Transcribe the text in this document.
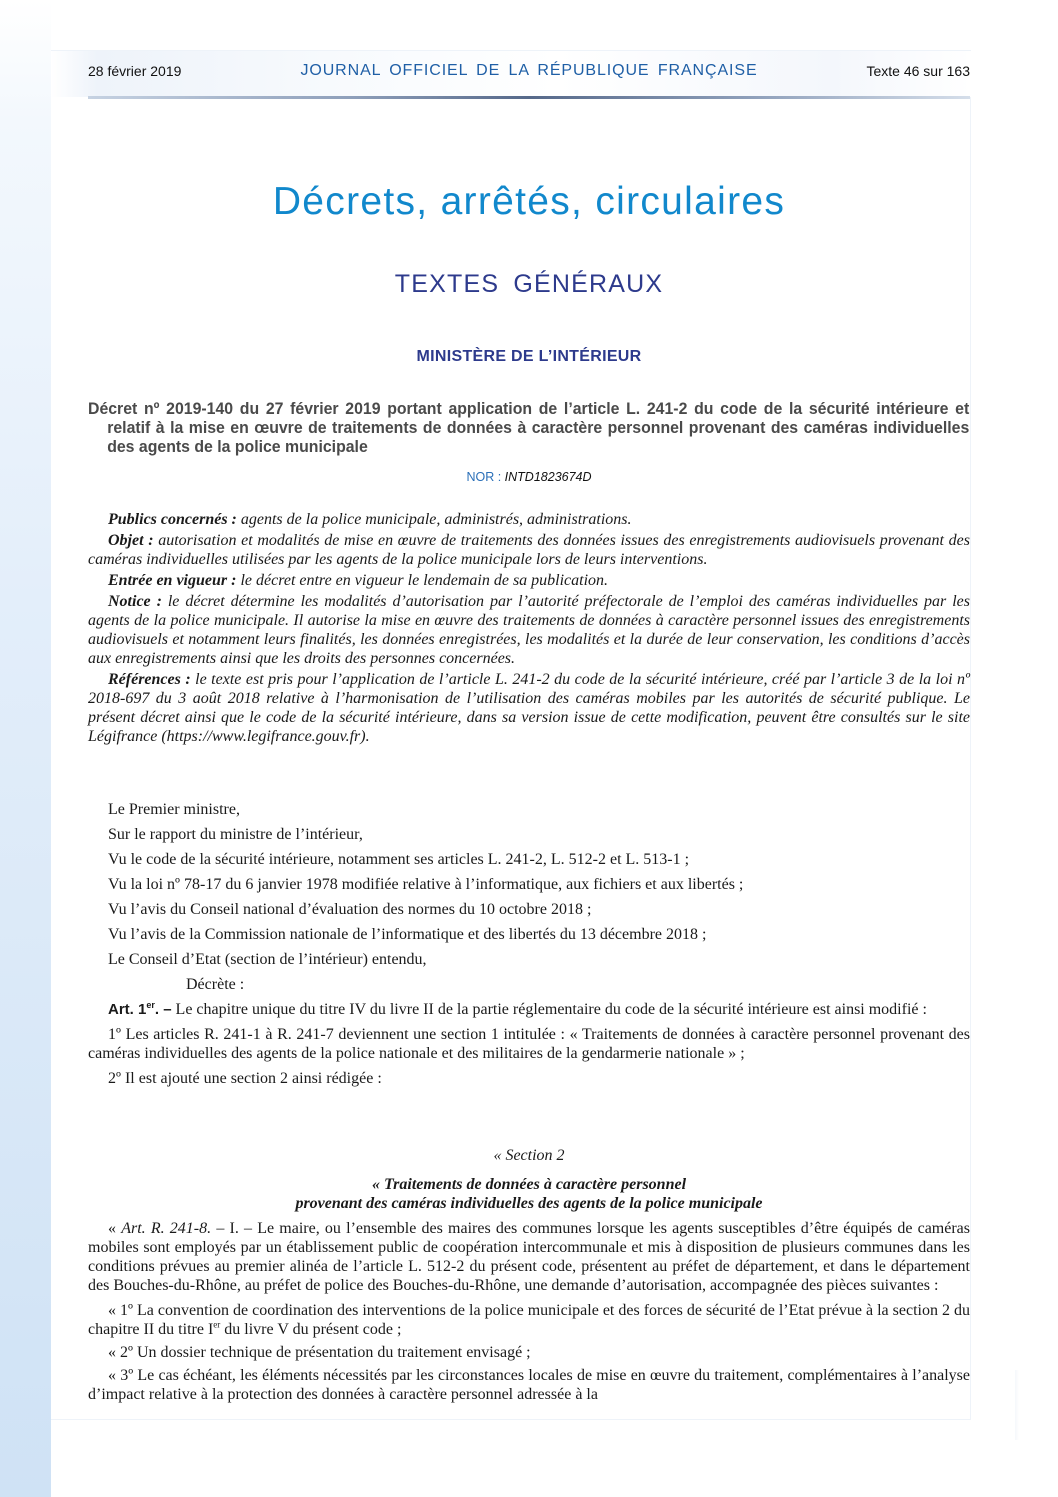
28 février 2019	JOURNAL OFFICIEL DE LA RÉPUBLIQUE FRANÇAISE	Texte 46 sur 163
Décrets, arrêtés, circulaires
TEXTES GÉNÉRAUX
MINISTÈRE DE L’INTÉRIEUR
Décret nº 2019-140 du 27 février 2019 portant application de l’article L. 241-2 du code de la sécurité intérieure et relatif à la mise en œuvre de traitements de données à caractère personnel provenant des caméras individuelles des agents de la police municipale
NOR : INTD1823674D

Publics concernés : agents de la police municipale, administrés, administrations.

Objet : autorisation et modalités de mise en œuvre de traitements des données issues des enregistrements audiovisuels provenant des caméras individuelles utilisées par les agents de la police municipale lors de leurs interventions.

Entrée en vigueur : le décret entre en vigueur le lendemain de sa publication.

Notice : le décret détermine les modalités d’autorisation par l’autorité préfectorale de l’emploi des caméras individuelles par les agents de la police municipale. Il autorise la mise en œuvre des traitements de données à caractère personnel issues des enregistrements audiovisuels et notamment leurs finalités, les données enregistrées, les modalités et la durée de leur conservation, les conditions d’accès aux enregistrements ainsi que les droits des personnes concernées.

Références : le texte est pris pour l’application de l’article L. 241-2 du code de la sécurité intérieure, créé par l’article 3 de la loi nº 2018-697 du 3 août 2018 relative à l’harmonisation de l’utilisation des caméras mobiles par les autorités de sécurité publique. Le présent décret ainsi que le code de la sécurité intérieure, dans sa version issue de cette modification, peuvent être consultés sur le site Légifrance (https://www.legifrance.gouv.fr).

Le Premier ministre,

Sur le rapport du ministre de l’intérieur,

Vu le code de la sécurité intérieure, notamment ses articles L. 241-2, L. 512-2 et L. 513-1 ;

Vu la loi nº 78-17 du 6 janvier 1978 modifiée relative à l’informatique, aux fichiers et aux libertés ;

Vu l’avis du Conseil national d’évaluation des normes du 10 octobre 2018 ;

Vu l’avis de la Commission nationale de l’informatique et des libertés du 13 décembre 2018 ;

Le Conseil d’Etat (section de l’intérieur) entendu,

Décrète :

Art. 1er. – Le chapitre unique du titre IV du livre II de la partie réglementaire du code de la sécurité intérieure est ainsi modifié :

1º Les articles R. 241-1 à R. 241-7 deviennent une section 1 intitulée : « Traitements de données à caractère personnel provenant des caméras individuelles des agents de la police nationale et des militaires de la gendarmerie nationale » ;

2º Il est ajouté une section 2 ainsi rédigée :

« Section 2

« Traitements de données à caractère personnel

provenant des caméras individuelles des agents de la police municipale

« Art. R. 241-8. – I. – Le maire, ou l’ensemble des maires des communes lorsque les agents susceptibles d’être équipés de caméras mobiles sont employés par un établissement public de coopération intercommunale et mis à disposition de plusieurs communes dans les conditions prévues au premier alinéa de l’article L. 512-2 du présent code, présentent au préfet de département, et dans le département des Bouches-du-Rhône, au préfet de police des Bouches-du-Rhône, une demande d’autorisation, accompagnée des pièces suivantes :

« 1º La convention de coordination des interventions de la police municipale et des forces de sécurité de l’Etat prévue à la section 2 du chapitre II du titre Ier du livre V du présent code ;

« 2º Un dossier technique de présentation du traitement envisagé ;

« 3º Le cas échéant, les éléments nécessités par les circonstances locales de mise en œuvre du traitement, complémentaires à l’analyse d’impact relative à la protection des données à caractère personnel adressée à la
